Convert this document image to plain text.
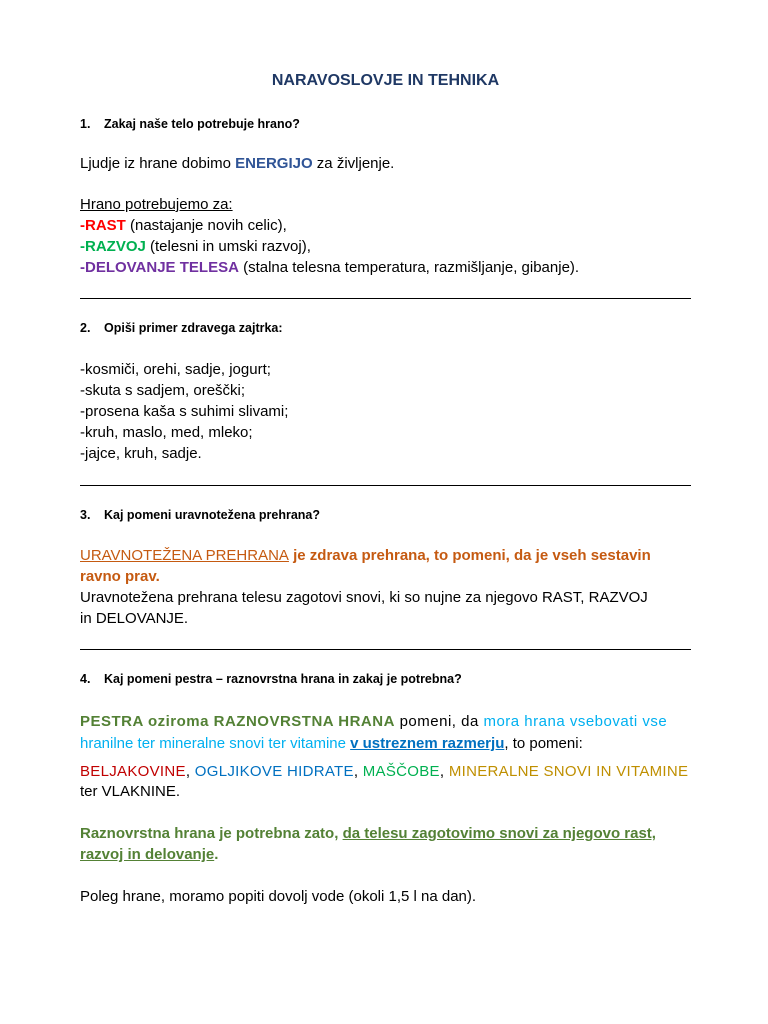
NARAVOSLOVJE IN TEHNIKA
1. Zakaj naše telo potrebuje hrano?
Ljudje iz hrane dobimo ENERGIJO za življenje.
Hrano potrebujemo za:
-RAST (nastajanje novih celic),
-RAZVOJ (telesni in umski razvoj),
-DELOVANJE TELESA (stalna telesna temperatura, razmišljanje, gibanje).
2. Opiši primer zdravega zajtrka:
-kosmiči, orehi, sadje, jogurt;
-skuta s sadjem, oreščki;
-prosena kaša s suhimi slivami;
-kruh, maslo, med, mleko;
-jajce, kruh, sadje.
3. Kaj pomeni uravnotežena prehrana?
URAVNOTEŽENA PREHRANA je zdrava prehrana, to pomeni, da je vseh sestavin
ravno prav.
Uravnotežena prehrana telesu zagotovi snovi, ki so nujne za njegovo RAST, RAZVOJ
in DELOVANJE.
4. Kaj pomeni pestra – raznovrstna hrana in zakaj je potrebna?
PESTRA oziroma RAZNOVRSTNA HRANA pomeni, da mora hrana vsebovati vse
hranilne ter mineralne snovi ter vitamine v ustreznem razmerju, to pomeni:
BELJAKOVINE, OGLJIKOVE HIDRATE, MAŠČOBE, MINERALNE SNOVI IN VITAMINE
ter VLAKNINE.
Raznovrstna hrana je potrebna zato, da telesu zagotovimo snovi za njegovo rast,
razvoj in delovanje.
Poleg hrane, moramo popiti dovolj vode (okoli 1,5 l na dan).
